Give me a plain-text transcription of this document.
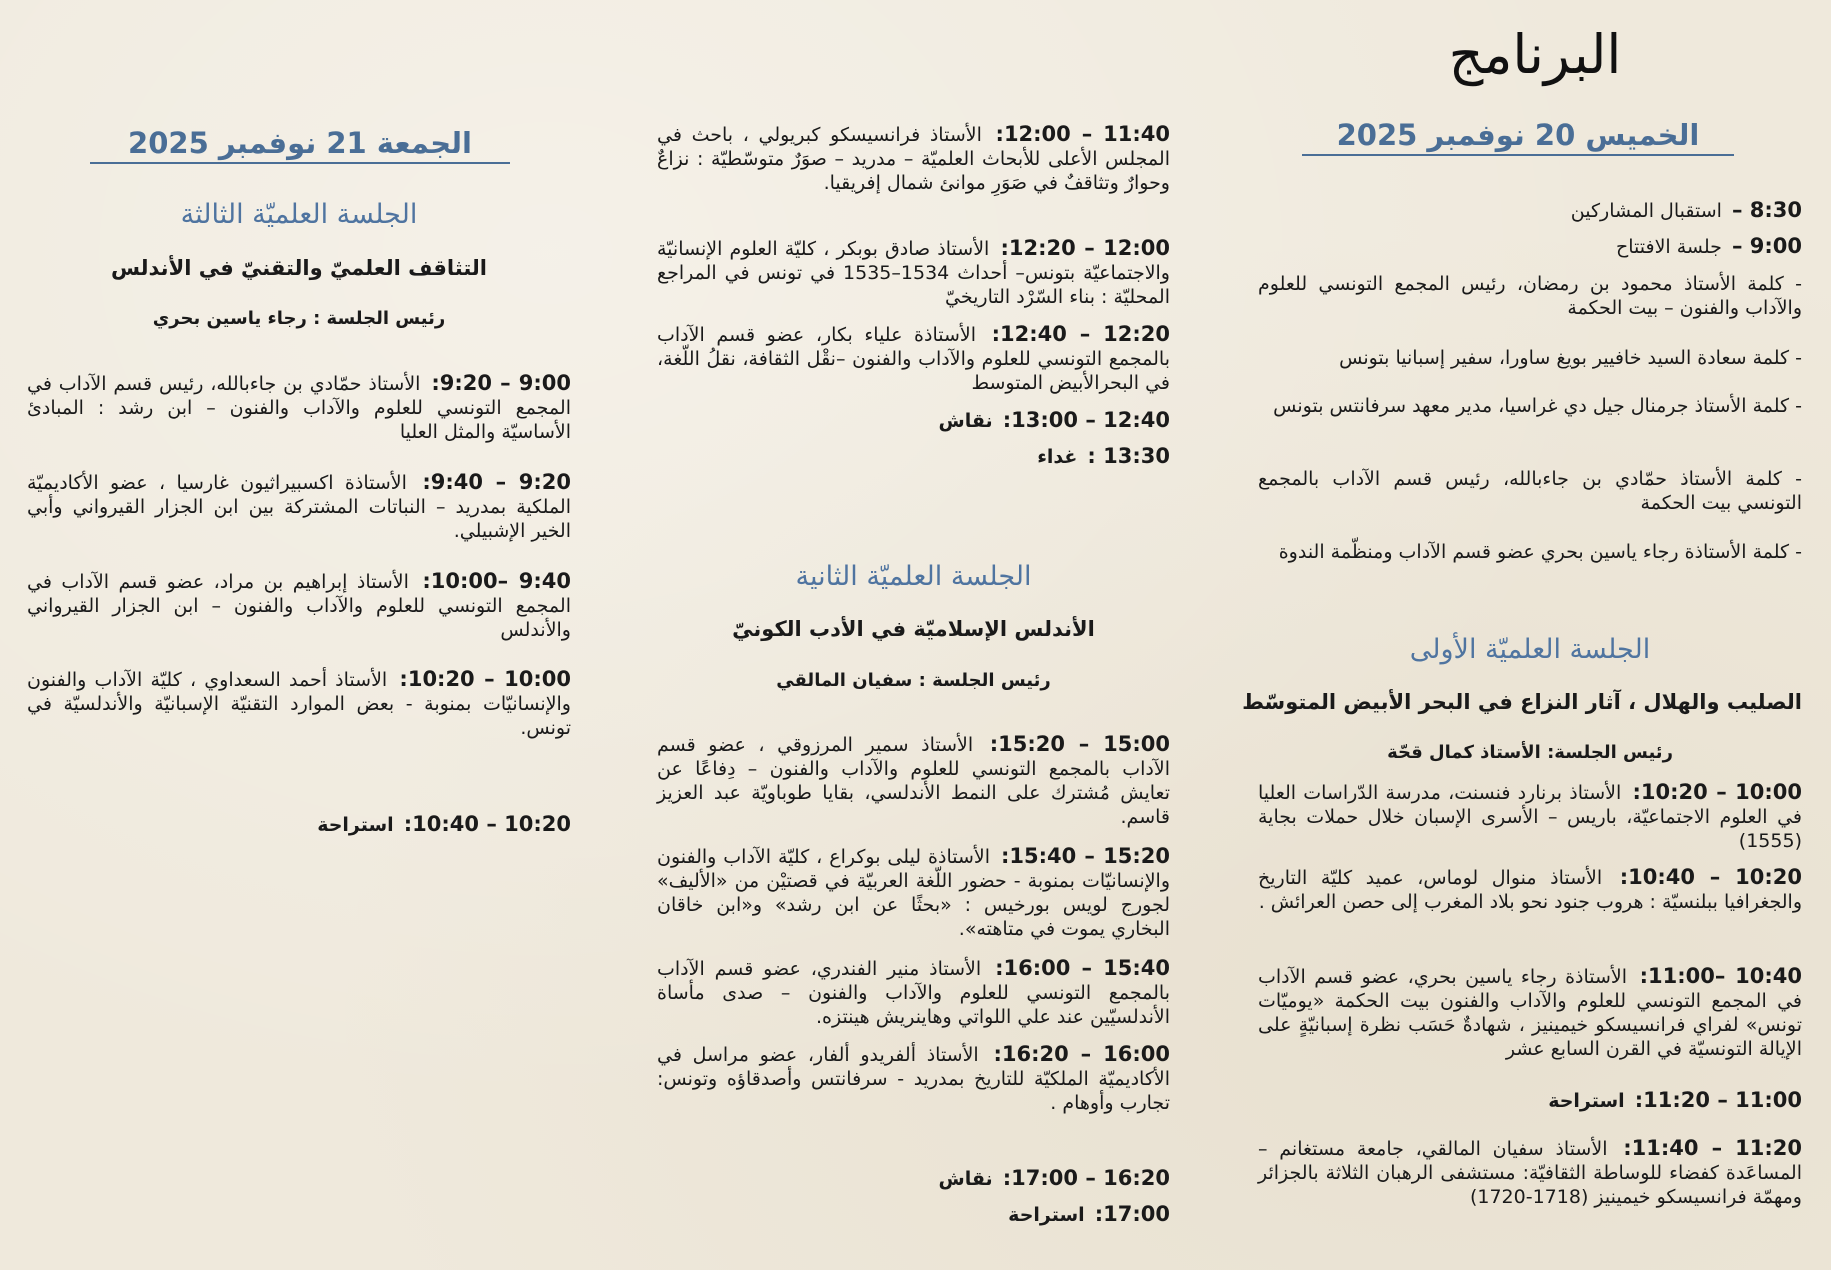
البرنامج
الخميس 20 نوفمبر 2025
8:30 – استقبال المشاركين
9:00 – جلسة الافتتاح
- كلمة الأستاذ محمود بن رمضان، رئيس المجمع التونسي للعلوم والآداب والفنون – بيت الحكمة
- كلمة سعادة السيد خافيير بويغ ساورا، سفير إسبانيا بتونس
- كلمة الأستاذ جرمنال جيل دي غراسيا، مدير معهد سرفانتس بتونس
- كلمة الأستاذ حمّادي بن جاءبالله، رئيس قسم الآداب بالمجمع التونسي بيت الحكمة
- كلمة الأستاذة رجاء ياسين بحري عضو قسم الآداب ومنظّمة الندوة
الجلسة العلميّة الأولى
الصليب والهلال ، آثار النزاع في البحر الأبيض المتوسّط
رئيس الجلسة: الأستاذ كمال قحّة
10:00 – 10:20: الأستاذ برنارد فنسنت، مدرسة الدّراسات العليا في العلوم الاجتماعيّة، باريس – الأسرى الإسبان خلال حملات بجاية (1555)
10:20 – 10:40: الأستاذ منوال لوماس، عميد كليّة التاريخ والجغرافيا ببلنسيّة : هروب جنود نحو بلاد المغرب إلى حصن العرائش .
10:40 –11:00: الأستاذة رجاء ياسين بحري، عضو قسم الآداب في المجمع التونسي للعلوم والآداب والفنون بيت الحكمة «يوميّات تونس» لفراي فرانسيسكو خيمينيز ، شهادةٌ حَسَب نظرة إسبانيّةٍ على الإيالة التونسيّة في القرن السابع عشر
11:00 – 11:20: استراحة
11:20 – 11:40: الأستاذ سفيان المالقي، جامعة مستغانم – المساعَدة كفضاء للوساطة الثقافيّة: مستشفى الرهبان الثلاثة بالجزائر ومهمّة فرانسيسكو خيمينيز (1718-1720)
11:40 – 12:00: الأستاذ فرانسيسكو كبريولي ، باحث في المجلس الأعلى للأبحاث العلميّة – مدريد – صوَرٌ متوسّطيّة : نزاعٌ وحوارٌ وتثاقفٌ في صَوَرِ موانئ شمال إفريقيا.
12:00 – 12:20: الأستاذ صادق بوبكر ، كليّة العلوم الإنسانيّة والاجتماعيّة بتونس– أحداث 1534–1535 في تونس في المراجع المحليّة : بناء السّرْد التاريخيّ
12:20 – 12:40: الأستاذة علياء بكار، عضو قسم الآداب بالمجمع التونسي للعلوم والآداب والفنون –نقْل الثقافة، نقلُ اللّغة، في البحرالأبيض المتوسط
12:40 – 13:00: نقاش
13:30 : غداء
الجلسة العلميّة الثانية
الأندلس الإسلاميّة في الأدب الكونيّ
رئيس الجلسة : سفيان المالقي
15:00 – 15:20: الأستاذ سمير المرزوقي ، عضو قسم الآداب بالمجمع التونسي للعلوم والآداب والفنون – دِفاعًا عن تعايش مُشترك على النمط الأندلسي، بقايا طوباويّة عبد العزيز قاسم.
15:20 – 15:40: الأستاذة ليلى بوكراع ، كليّة الآداب والفنون والإنسانيّات بمنوبة - حضور اللّغة العربيّة في قصتيْن من «الأليف» لجورج لويس بورخيس : «بحثًا عن ابن رشد» و«ابن خاقان البخاري يموت في متاهته».
15:40 – 16:00: الأستاذ منير الفندري، عضو قسم الآداب بالمجمع التونسي للعلوم والآداب والفنون – صدى مأساة الأندلسيّين عند علي اللواتي وهاينريش هينتزه.
16:00 – 16:20: الأستاذ ألفريدو ألفار، عضو مراسل في الأكاديميّة الملكيّة للتاريخ بمدريد - سرفانتس وأصدقاؤه وتونس: تجارب وأوهام .
16:20 – 17:00: نقاش
17:00: استراحة
الجمعة 21 نوفمبر 2025
الجلسة العلميّة الثالثة
التثاقف العلميّ والتقنيّ في الأندلس
رئيس الجلسة : رجاء ياسين بحري
9:00 – 9:20: الأستاذ حمّادي بن جاءبالله، رئيس قسم الآداب في المجمع التونسي للعلوم والآداب والفنون – ابن رشد : المبادئ الأساسيّة والمثل العليا
9:20 – 9:40: الأستاذة اكسبيراثيون غارسيا ، عضو الأكاديميّة الملكية بمدريد – النباتات المشتركة بين ابن الجزار القيرواني وأبي الخير الإشبيلي.
9:40 –10:00: الأستاذ إبراهيم بن مراد، عضو قسم الآداب في المجمع التونسي للعلوم والآداب والفنون – ابن الجزار القيرواني والأندلس
10:00 – 10:20: الأستاذ أحمد السعداوي ، كليّة الآداب والفنون والإنسانيّات بمنوبة - بعض الموارد التقنيّة الإسبانيّة والأندلسيّة في تونس.
10:20 – 10:40: استراحة
